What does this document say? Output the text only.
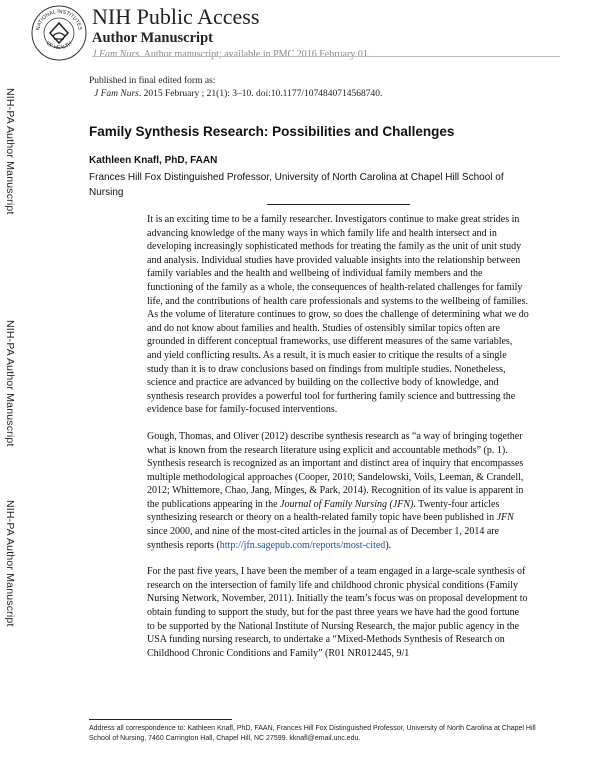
NIH-PA Author Manuscript
NIH-PA Author Manuscript
NIH-PA Author Manuscript
NATIONAL INSTITUTES
OF HEALTH
NIH Public Access
Author Manuscript
J Fam Nurs. Author manuscript; available in PMC 2016 February 01.
Published in final edited form as:
J Fam Nurs. 2015 February ; 21(1): 3–10. doi:10.1177/1074840714568740.
Family Synthesis Research: Possibilities and Challenges
Kathleen Knafl, PhD, FAAN
Frances Hill Fox Distinguished Professor, University of North Carolina at Chapel Hill School of Nursing

It is an exciting time to be a family researcher. Investigators continue to make great strides in advancing knowledge of the many ways in which family life and health intersect and in developing increasingly sophisticated methods for treating the family as the unit of unit study and analysis. Individual studies have provided valuable insights into the relationship between family variables and the health and wellbeing of individual family members and the functioning of the family as a whole, the consequences of health-related challenges for family life, and the contributions of health care professionals and systems to the wellbeing of families. As the volume of literature continues to grow, so does the challenge of determining what we do and do not know about families and health. Studies of ostensibly similar topics often are grounded in different conceptual frameworks, use different measures of the same variables, and yield conflicting results. As a result, it is much easier to critique the results of a single study than it is to draw conclusions based on findings from multiple studies. Nonetheless, science and practice are advanced by building on the collective body of knowledge, and synthesis research provides a powerful tool for furthering family science and buttressing the evidence base for family-focused interventions.

Gough, Thomas, and Oliver (2012) describe synthesis research as “a way of bringing together what is known from the research literature using explicit and accountable methods” (p. 1). Synthesis research is recognized as an important and distinct area of inquiry that encompasses multiple methodological approaches (Cooper, 2010; Sandelowski, Voils, Leeman, & Crandell, 2012; Whittemore, Chao, Jang, Minges, & Park, 2014). Recognition of its value is apparent in the publications appearing in the Journal of Family Nursing (JFN). Twenty-four articles synthesizing research or theory on a health-related family topic have been published in JFN since 2000, and nine of the most-cited articles in the journal as of December 1, 2014 are synthesis reports (http://jfn.sagepub.com/reports/most-cited).

For the past five years, I have been the member of a team engaged in a large-scale synthesis of research on the intersection of family life and childhood chronic physical conditions (Family Nursing Network, November, 2011). Initially the team’s focus was on proposal development to obtain funding to support the study, but for the past three years we have had the good fortune to be supported by the National Institute of Nursing Research, the major public agency in the USA funding nursing research, to undertake a “Mixed-Methods Synthesis of Research on Childhood Chronic Conditions and Family” (R01 NR012445, 9/1

Address all correspondence to: Kathleen Knafl, PhD, FAAN, Frances Hill Fox Distinguished Professor, University of North Carolina at Chapel Hill School of Nursing, 7460 Carrington Hall, Chapel Hill, NC 27599. kknafl@email.unc.edu.
